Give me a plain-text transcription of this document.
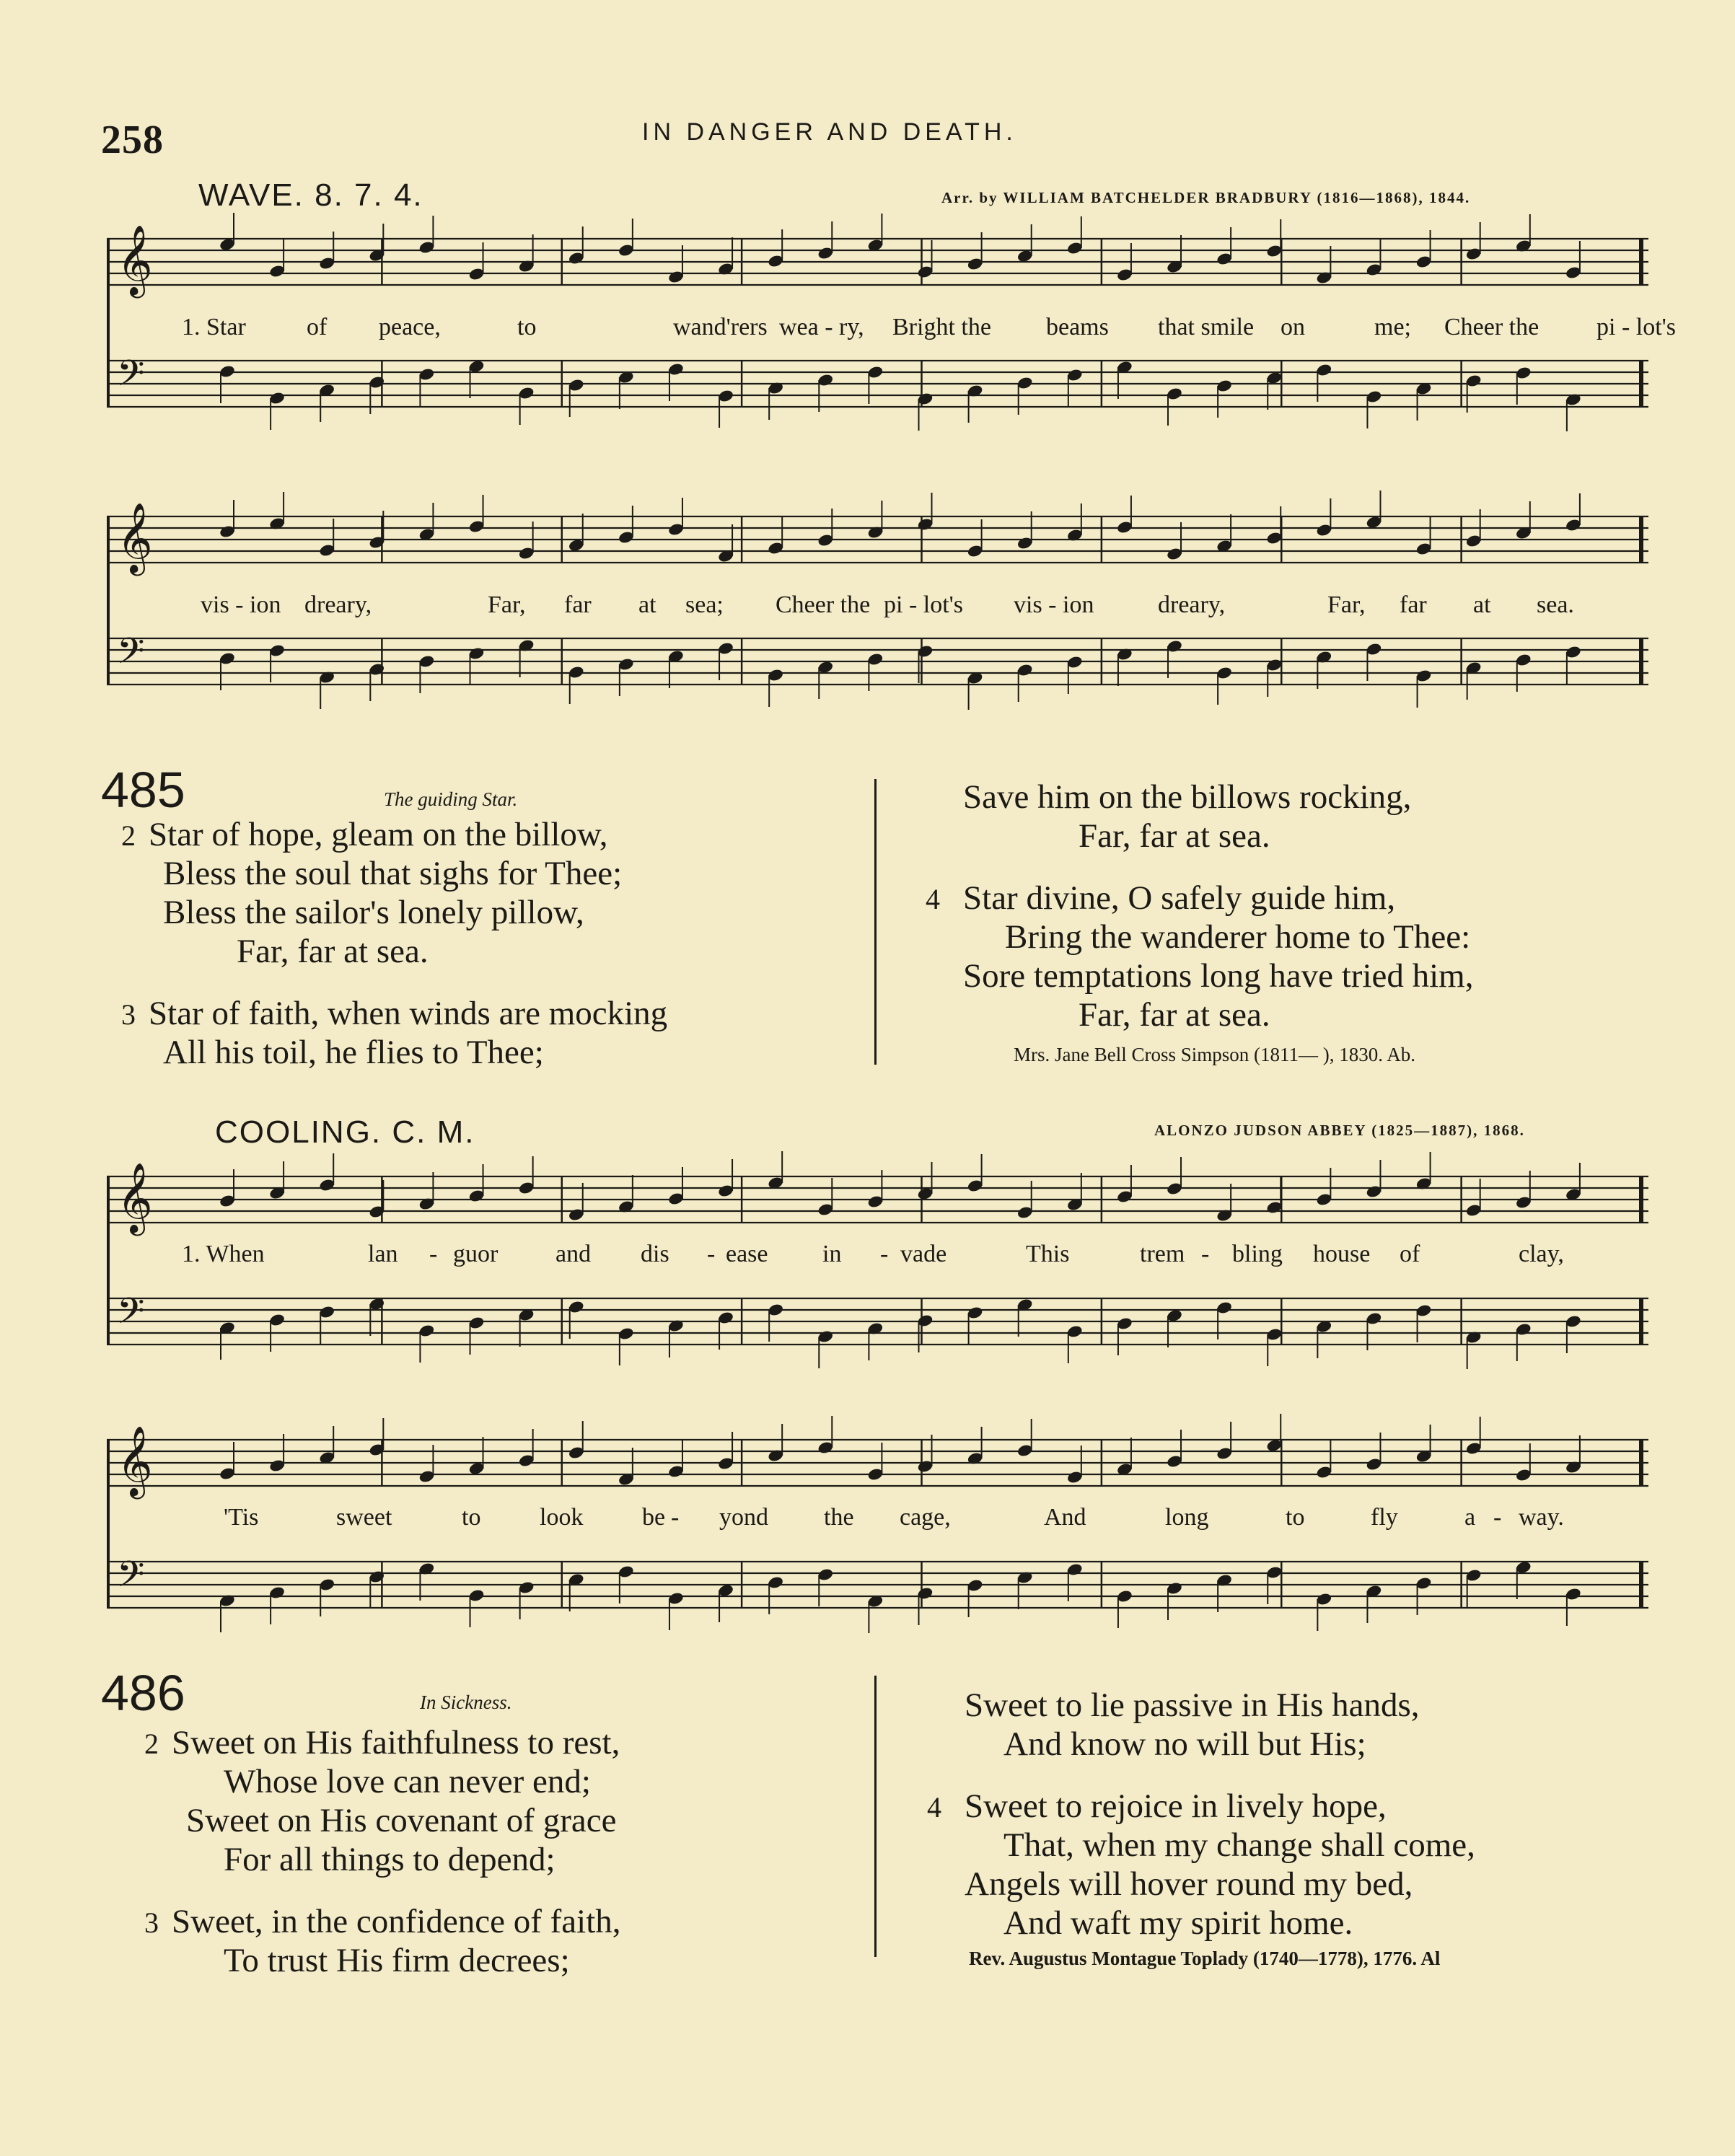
258	IN DANGER AND DEATH.
WAVE. 8. 7. 4.	Arr. by WILLIAM BATCHELDER BRADBURY (1816—1868), 1844.
𝄞
𝄢
1. Star of peace,	to	wand'rers wea - ry, Bright the beams that smile on	me; Cheer the pi - lot's
𝄞
𝄢
vis - ion dreary,	Far, far at sea; Cheer the pi - lot's vis - ion	dreary,	Far, far at sea.
485	The guiding Star.
2 Star of hope, gleam on the billow,
Bless the soul that sighs for Thee;
Bless the sailor's lonely pillow,
Far, far at sea.
3 Star of faith, when winds are mocking
All his toil, he flies to Thee;
Save him on the billows rocking,
Far, far at sea.
4 Star divine, O safely guide him,
Bring the wanderer home to Thee:
Sore temptations long have tried him,
Far, far at sea.
Mrs. Jane Bell Cross Simpson (1811— ), 1830. Ab.
COOLING. C. M.	ALONZO JUDSON ABBEY (1825—1887), 1868.
𝄞
𝄢
1. When	lan - guor and dis - ease in - vade	This	trem - bling house of	clay,
𝄞
𝄢
'Tis	sweet	to look be - yond the cage,	And	long	to	fly	a - way.
486	In Sickness.
2 Sweet on His faithfulness to rest,
Whose love can never end;
Sweet on His covenant of grace
For all things to depend;
3 Sweet, in the confidence of faith,
To trust His firm decrees;
Sweet to lie passive in His hands,
And know no will but His;
4 Sweet to rejoice in lively hope,
That, when my change shall come,
Angels will hover round my bed,
And waft my spirit home.
Rev. Augustus Montague Toplady (1740—1778), 1776. Al
